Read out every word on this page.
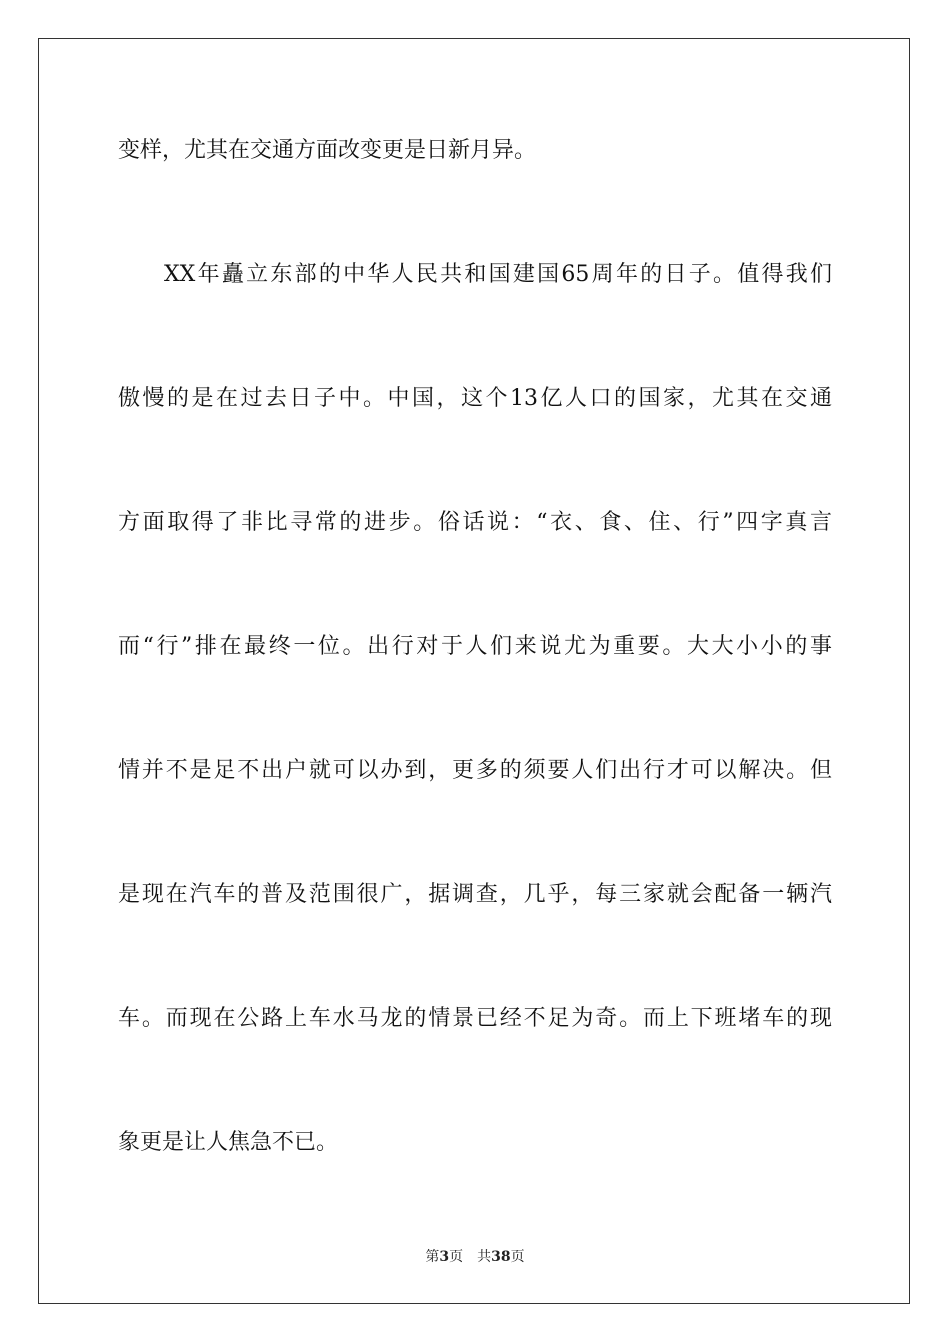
变样，尤其在交通方面改变更是日新月异。
XX年矗立东部的中华人民共和国建国65周年的日子。值得我们
傲慢的是在过去日子中。中国，这个13亿人口的国家，尤其在交通
方面取得了非比寻常的进步。俗话说：“衣、食、住、行”四字真言
而“行”排在最终一位。出行对于人们来说尤为重要。大大小小的事
情并不是足不出户就可以办到，更多的须要人们出行才可以解决。但
是现在汽车的普及范围很广，据调查，几乎，每三家就会配备一辆汽
车。而现在公路上车水马龙的情景已经不足为奇。而上下班堵车的现
象更是让人焦急不已。
第3页 共38页
